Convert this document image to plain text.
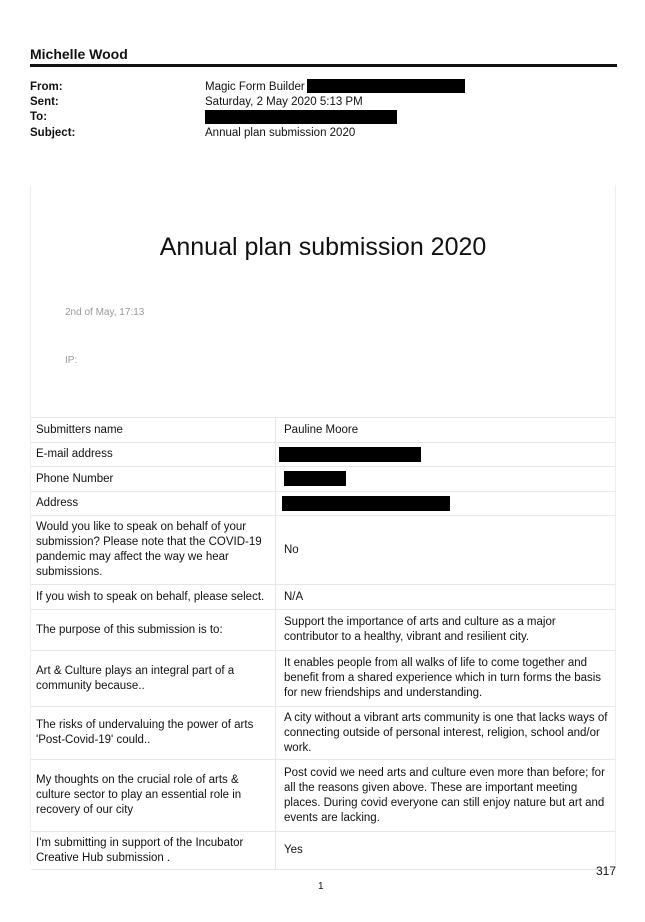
Michelle Wood
From:	Magic Form Builder
Sent:	Saturday, 2 May 2020 5:13 PM
To:
Subject:	Annual plan submission 2020
Annual plan submission 2020
2nd of May, 17:13
IP:
Submitters name	Pauline Moore
E-mail address	
Phone Number	
Address	
Would you like to speak on behalf of your submission? Please note that the COVID-19 pandemic may affect the way we hear submissions.	No
If you wish to speak on behalf, please select.	N/A
The purpose of this submission is to:	Support the importance of arts and culture as a major contributor to a healthy, vibrant and resilient city.
Art & Culture plays an integral part of a community because..	It enables people from all walks of life to come together and benefit from a shared experience which in turn forms the basis for new friendships and understanding.
The risks of undervaluing the power of arts 'Post-Covid-19' could..	A city without a vibrant arts community is one that lacks ways of connecting outside of personal interest, religion, school and/or work.
My thoughts on the crucial role of arts & culture sector to play an essential role in recovery of our city	Post covid we need arts and culture even more than before; for all the reasons given above. These are important meeting places. During covid everyone can still enjoy nature but art and events are lacking.
I'm submitting in support of the Incubator Creative Hub submission .	Yes
1
317
